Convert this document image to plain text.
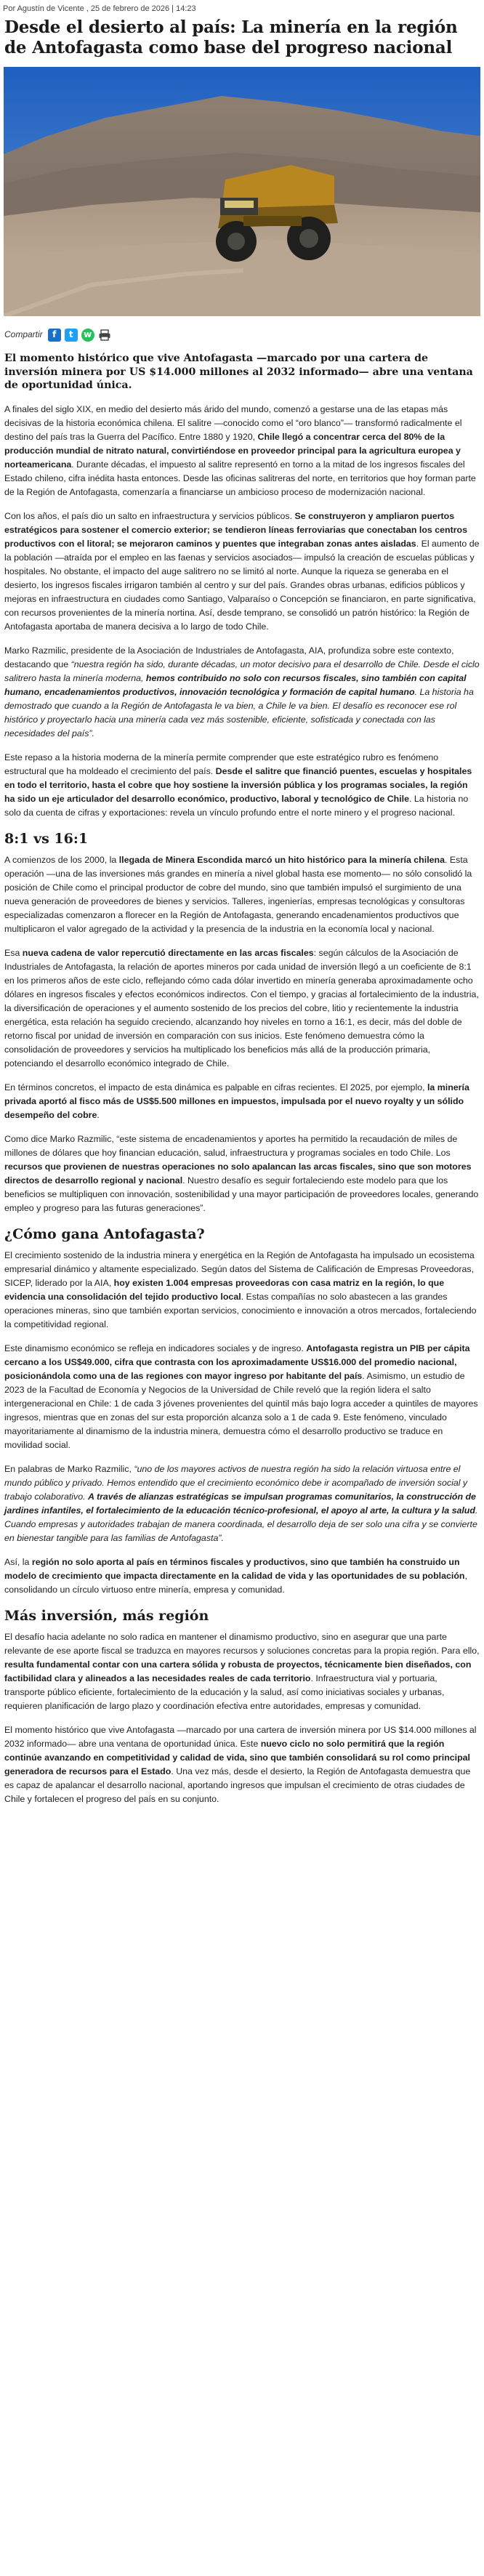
Por Agustín de Vicente , 25 de febrero de 2026 | 14:23
Desde el desierto al país: La minería en la región de Antofagasta como base del progreso nacional
Compartir	f	t	w
El momento histórico que vive Antofagasta —marcado por una cartera de inversión minera por US $14.000 millones al 2032 informado— abre una ventana de oportunidad única.

A finales del siglo XIX, en medio del desierto más árido del mundo, comenzó a gestarse una de las etapas más decisivas de la historia económica chilena. El salitre —conocido como el “oro blanco”— transformó radicalmente el destino del país tras la Guerra del Pacífico. Entre 1880 y 1920, Chile llegó a concentrar cerca del 80% de la producción mundial de nitrato natural, convirtiéndose en proveedor principal para la agricultura europea y norteamericana. Durante décadas, el impuesto al salitre representó en torno a la mitad de los ingresos fiscales del Estado chileno, cifra inédita hasta entonces. Desde las oficinas salitreras del norte, en territorios que hoy forman parte de la Región de Antofagasta, comenzaría a financiarse un ambicioso proceso de modernización nacional.

Con los años, el país dio un salto en infraestructura y servicios públicos. Se construyeron y ampliaron puertos estratégicos para sostener el comercio exterior; se tendieron líneas ferroviarias que conectaban los centros productivos con el litoral; se mejoraron caminos y puentes que integraban zonas antes aisladas. El aumento de la población —atraída por el empleo en las faenas y servicios asociados— impulsó la creación de escuelas públicas y hospitales. No obstante, el impacto del auge salitrero no se limitó al norte. Aunque la riqueza se generaba en el desierto, los ingresos fiscales irrigaron también al centro y sur del país. Grandes obras urbanas, edificios públicos y mejoras en infraestructura en ciudades como Santiago, Valparaíso o Concepción se financiaron, en parte significativa, con recursos provenientes de la minería nortina. Así, desde temprano, se consolidó un patrón histórico: la Región de Antofagasta aportaba de manera decisiva a lo largo de todo Chile.

Marko Razmilic, presidente de la Asociación de Industriales de Antofagasta, AIA, profundiza sobre este contexto, destacando que “nuestra región ha sido, durante décadas, un motor decisivo para el desarrollo de Chile. Desde el ciclo salitrero hasta la minería moderna, hemos contribuido no solo con recursos fiscales, sino también con capital humano, encadenamientos productivos, innovación tecnológica y formación de capital humano. La historia ha demostrado que cuando a la Región de Antofagasta le va bien, a Chile le va bien. El desafío es reconocer ese rol histórico y proyectarlo hacia una minería cada vez más sostenible, eficiente, sofisticada y conectada con las necesidades del país”.

Este repaso a la historia moderna de la minería permite comprender que este estratégico rubro es fenómeno estructural que ha moldeado el crecimiento del país. Desde el salitre que financió puentes, escuelas y hospitales en todo el territorio, hasta el cobre que hoy sostiene la inversión pública y los programas sociales, la región ha sido un eje articulador del desarrollo económico, productivo, laboral y tecnológico de Chile. La historia no solo da cuenta de cifras y exportaciones: revela un vínculo profundo entre el norte minero y el progreso nacional.

8:1 vs 16:1

A comienzos de los 2000, la llegada de Minera Escondida marcó un hito histórico para la minería chilena. Esta operación —una de las inversiones más grandes en minería a nivel global hasta ese momento— no sólo consolidó la posición de Chile como el principal productor de cobre del mundo, sino que también impulsó el surgimiento de una nueva generación de proveedores de bienes y servicios. Talleres, ingenierías, empresas tecnológicas y consultoras especializadas comenzaron a florecer en la Región de Antofagasta, generando encadenamientos productivos que multiplicaron el valor agregado de la actividad y la presencia de la industria en la economía local y nacional.

Esa nueva cadena de valor repercutió directamente en las arcas fiscales: según cálculos de la Asociación de Industriales de Antofagasta, la relación de aportes mineros por cada unidad de inversión llegó a un coeficiente de 8:1 en los primeros años de este ciclo, reflejando cómo cada dólar invertido en minería generaba aproximadamente ocho dólares en ingresos fiscales y efectos económicos indirectos. Con el tiempo, y gracias al fortalecimiento de la industria, la diversificación de operaciones y el aumento sostenido de los precios del cobre, litio y recientemente la industria energética, esta relación ha seguido creciendo, alcanzando hoy niveles en torno a 16:1, es decir, más del doble de retorno fiscal por unidad de inversión en comparación con sus inicios. Este fenómeno demuestra cómo la consolidación de proveedores y servicios ha multiplicado los beneficios más allá de la producción primaria, potenciando el desarrollo económico integrado de Chile.

En términos concretos, el impacto de esta dinámica es palpable en cifras recientes. El 2025, por ejemplo, la minería privada aportó al fisco más de US$5.500 millones en impuestos, impulsada por el nuevo royalty y un sólido desempeño del cobre.

Como dice Marko Razmilic, “este sistema de encadenamientos y aportes ha permitido la recaudación de miles de millones de dólares que hoy financian educación, salud, infraestructura y programas sociales en todo Chile. Los recursos que provienen de nuestras operaciones no solo apalancan las arcas fiscales, sino que son motores directos de desarrollo regional y nacional. Nuestro desafío es seguir fortaleciendo este modelo para que los beneficios se multipliquen con innovación, sostenibilidad y una mayor participación de proveedores locales, generando empleo y progreso para las futuras generaciones”.

¿Cómo gana Antofagasta?

El crecimiento sostenido de la industria minera y energética en la Región de Antofagasta ha impulsado un ecosistema empresarial dinámico y altamente especializado. Según datos del Sistema de Calificación de Empresas Proveedoras, SICEP, liderado por la AIA, hoy existen 1.004 empresas proveedoras con casa matriz en la región, lo que evidencia una consolidación del tejido productivo local. Estas compañías no solo abastecen a las grandes operaciones mineras, sino que también exportan servicios, conocimiento e innovación a otros mercados, fortaleciendo la competitividad regional.

Este dinamismo económico se refleja en indicadores sociales y de ingreso. Antofagasta registra un PIB per cápita cercano a los US$49.000, cifra que contrasta con los aproximadamente US$16.000 del promedio nacional, posicionándola como una de las regiones con mayor ingreso por habitante del país. Asimismo, un estudio de 2023 de la Facultad de Economía y Negocios de la Universidad de Chile reveló que la región lidera el salto intergeneracional en Chile: 1 de cada 3 jóvenes provenientes del quintil más bajo logra acceder a quintiles de mayores ingresos, mientras que en zonas del sur esta proporción alcanza solo a 1 de cada 9. Este fenómeno, vinculado mayoritariamente al dinamismo de la industria minera, demuestra cómo el desarrollo productivo se traduce en movilidad social.

En palabras de Marko Razmilic, “uno de los mayores activos de nuestra región ha sido la relación virtuosa entre el mundo público y privado. Hemos entendido que el crecimiento económico debe ir acompañado de inversión social y trabajo colaborativo. A través de alianzas estratégicas se impulsan programas comunitarios, la construcción de jardines infantiles, el fortalecimiento de la educación técnico-profesional, el apoyo al arte, la cultura y la salud. Cuando empresas y autoridades trabajan de manera coordinada, el desarrollo deja de ser solo una cifra y se convierte en bienestar tangible para las familias de Antofagasta”.

Así, la región no solo aporta al país en términos fiscales y productivos, sino que también ha construido un modelo de crecimiento que impacta directamente en la calidad de vida y las oportunidades de su población, consolidando un círculo virtuoso entre minería, empresa y comunidad.

Más inversión, más región

El desafío hacia adelante no solo radica en mantener el dinamismo productivo, sino en asegurar que una parte relevante de ese aporte fiscal se traduzca en mayores recursos y soluciones concretas para la propia región. Para ello, resulta fundamental contar con una cartera sólida y robusta de proyectos, técnicamente bien diseñados, con factibilidad clara y alineados a las necesidades reales de cada territorio. Infraestructura vial y portuaria, transporte público eficiente, fortalecimiento de la educación y la salud, así como iniciativas sociales y urbanas, requieren planificación de largo plazo y coordinación efectiva entre autoridades, empresas y comunidad.

El momento histórico que vive Antofagasta —marcado por una cartera de inversión minera por US $14.000 millones al 2032 informado— abre una ventana de oportunidad única. Este nuevo ciclo no solo permitirá que la región continúe avanzando en competitividad y calidad de vida, sino que también consolidará su rol como principal generadora de recursos para el Estado. Una vez más, desde el desierto, la Región de Antofagasta demuestra que es capaz de apalancar el desarrollo nacional, aportando ingresos que impulsan el crecimiento de otras ciudades de Chile y fortalecen el progreso del país en su conjunto.
